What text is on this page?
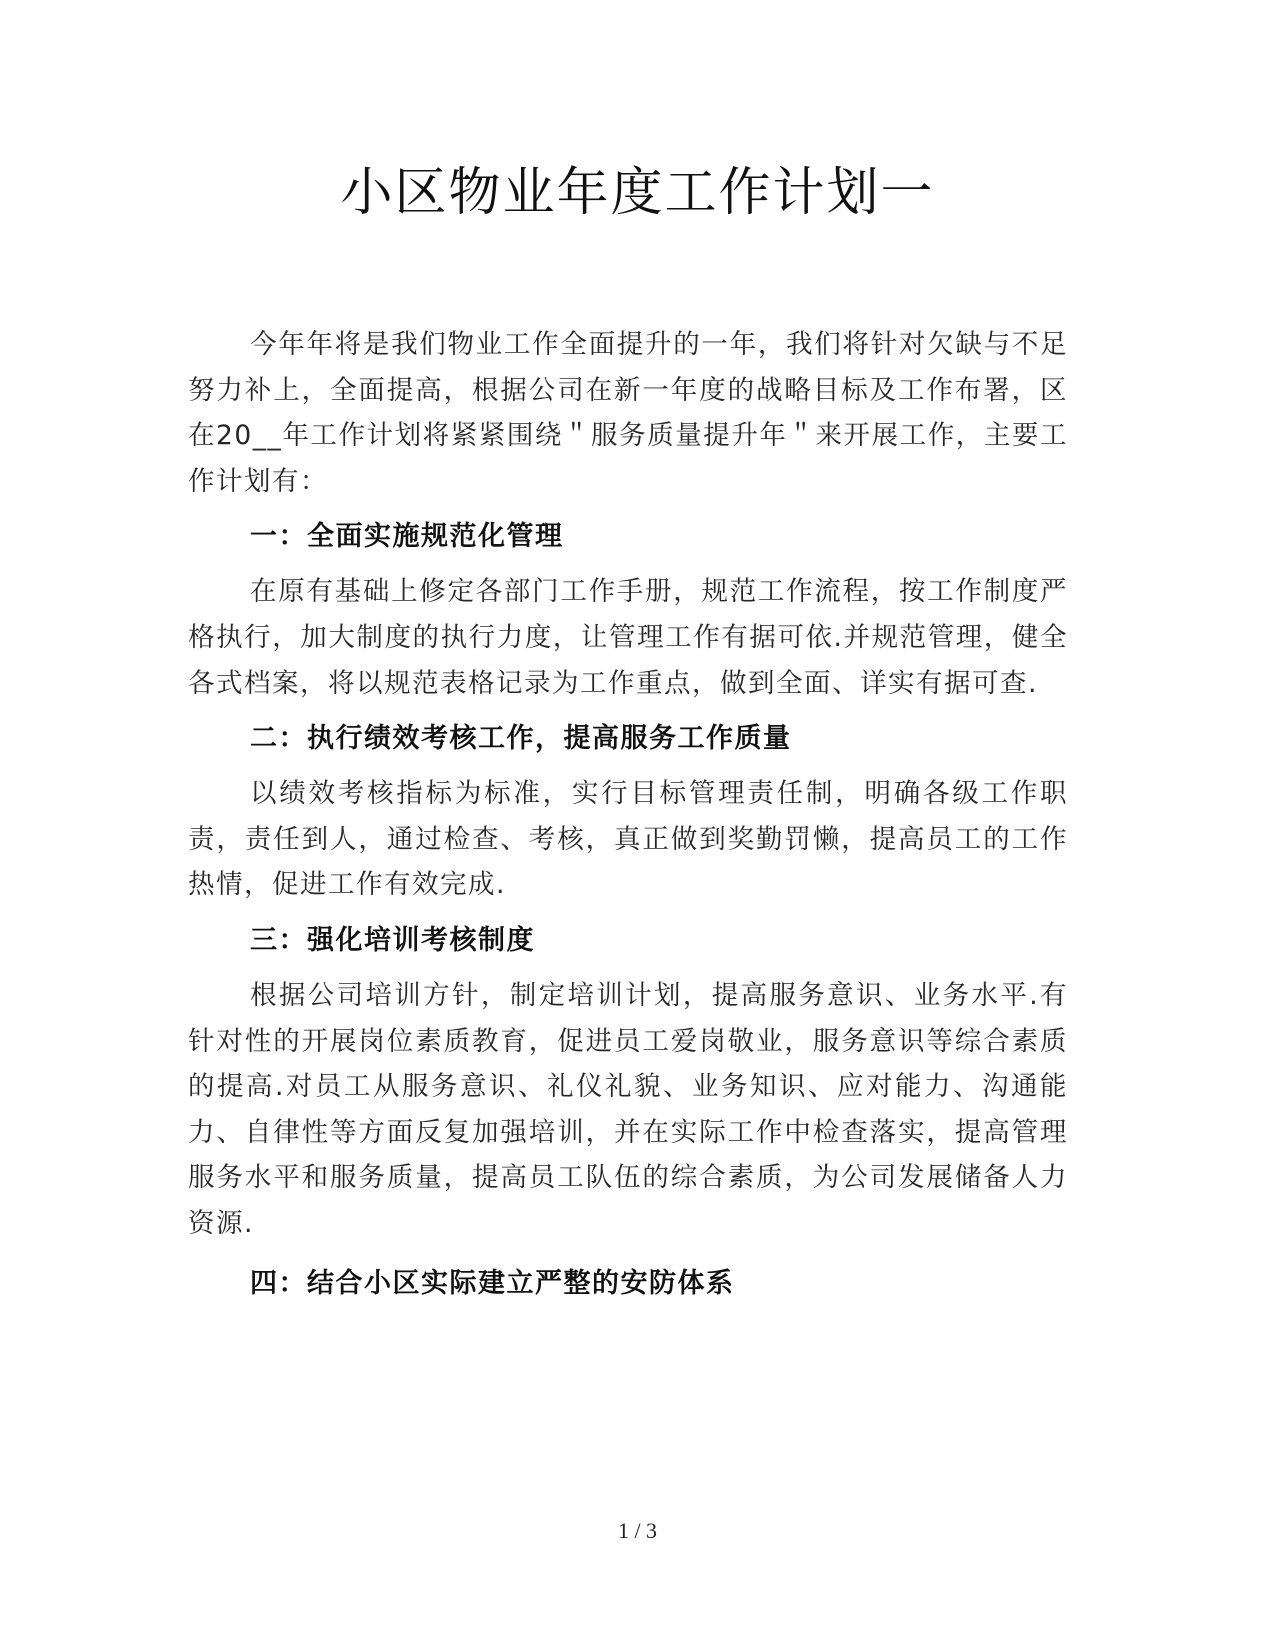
小区物业年度工作计划一

今年年将是我们物业工作全面提升的一年，我们将针对欠缺与不足努力补上，全面提高，根据公司在新一年度的战略目标及工作布署，区在20__年工作计划将紧紧围绕＂服务质量提升年＂来开展工作，主要工作计划有：

一：全面实施规范化管理

在原有基础上修定各部门工作手册，规范工作流程，按工作制度严格执行，加大制度的执行力度，让管理工作有据可依.并规范管理，健全各式档案，将以规范表格记录为工作重点，做到全面、详实有据可查.

二：执行绩效考核工作，提高服务工作质量

以绩效考核指标为标准，实行目标管理责任制，明确各级工作职责，责任到人，通过检查、考核，真正做到奖勤罚懒，提高员工的工作热情，促进工作有效完成.

三：强化培训考核制度

根据公司培训方针，制定培训计划，提高服务意识、业务水平.有针对性的开展岗位素质教育，促进员工爱岗敬业，服务意识等综合素质的提高.对员工从服务意识、礼仪礼貌、业务知识、应对能力、沟通能力、自律性等方面反复加强培训，并在实际工作中检查落实，提高管理服务水平和服务质量，提高员工队伍的综合素质，为公司发展储备人力资源.

四：结合小区实际建立严整的安防体系

1 / 3
